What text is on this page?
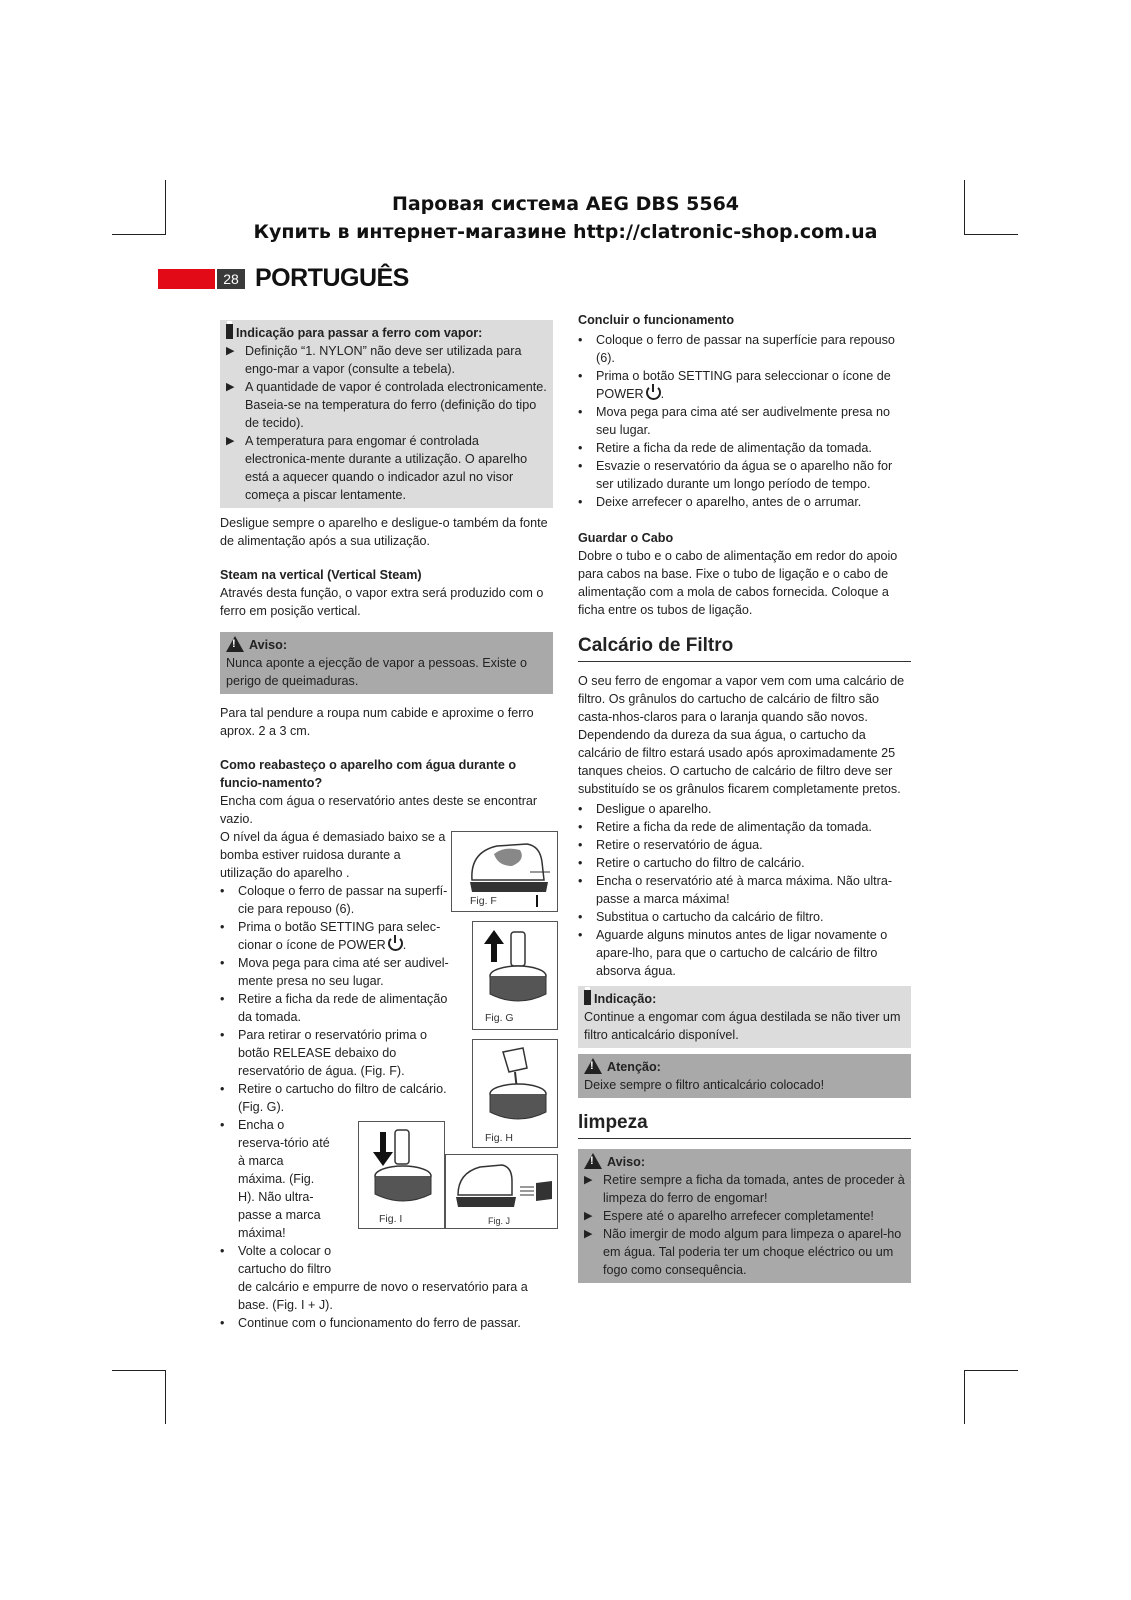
Паровая система AEG DBS 5564
Купить в интернет-магазине http://clatronic-shop.com.ua
28 PORTUGUÊS
Indicação para passar a ferro com vapor:
▶ Definição “1. NYLON” não deve ser utilizada para engo-mar a vapor (consulte a tebela).
▶ A quantidade de vapor é controlada electronicamente. Baseia-se na temperatura do ferro (definição do tipo de tecido).
▶ A temperatura para engomar é controlada electronica-mente durante a utilização. O aparelho está a aquecer quando o indicador azul no visor começa a piscar lentamente.

Desligue sempre o aparelho e desligue-o também da fonte de alimentação após a sua utilização.

Steam na vertical (Vertical Steam)

Através desta função, o vapor extra será produzido com o ferro em posição vertical.

!Aviso:
Nunca aponte a ejecção de vapor a pessoas. Existe o perigo de queimaduras.

Para tal pendure a roupa num cabide e aproxime o ferro aprox. 2 a 3 cm.

Como reabasteço o aparelho com água durante o funcio-namento?

Encha com água o reservatório antes deste se encontrar vazio.

O nível da água é demasiado baixo se a

bomba estiver ruidosa durante a

utilização do aparelho .

•	Coloque o ferro de passar na superfí-cie para repouso (6).
•	Prima o botão SETTING para selec-cionar o ícone de POWER .
•	Mova pega para cima até ser audivel-mente presa no seu lugar.
•	Retire a ficha da rede de alimentação da tomada.
•	Para retirar o reservatório prima o botão RELEASE debaixo do reservatório de água. (Fig. F).
•	Retire o cartucho do filtro de calcário. (Fig. G).
•	Encha o reserva-tório até à marca máxima. (Fig. H). Não ultra-passe a marca máxima!
•	Volte a colocar o cartucho do filtro
de calcário e empurre de novo o reservatório para a base. (Fig. I + J).
•	Continue com o funcionamento do ferro de passar.
Fig. F
Fig. G
Fig. H
Fig. I	Fig. J

Concluir o funcionamento

•	Coloque o ferro de passar na superfície para repouso (6).
•	Prima o botão SETTING para seleccionar o ícone de POWER .
•	Mova pega para cima até ser audivelmente presa no seu lugar.
•	Retire a ficha da rede de alimentação da tomada.
•	Esvazie o reservatório da água se o aparelho não for ser utilizado durante um longo período de tempo.
•	Deixe arrefecer o aparelho, antes de o arrumar.

Guardar o Cabo

Dobre o tubo e o cabo de alimentação em redor do apoio para cabos na base. Fixe o tubo de ligação e o cabo de alimentação com a mola de cabos fornecida. Coloque a ficha entre os tubos de ligação.

Calcário de Filtro

O seu ferro de engomar a vapor vem com uma calcário de filtro. Os grânulos do cartucho de calcário de filtro são casta-nhos-claros para o laranja quando são novos. Dependendo da dureza da sua água, o cartucho da calcário de filtro estará usado após aproximadamente 25 tanques cheios. O cartucho de calcário de filtro deve ser substituído se os grânulos ficarem completamente pretos.

•	Desligue o aparelho.
•	Retire a ficha da rede de alimentação da tomada.
•	Retire o reservatório de água.
•	Retire o cartucho do filtro de calcário.
•	Encha o reservatório até à marca máxima. Não ultra-passe a marca máxima!
•	Substitua o cartucho da calcário de filtro.
•	Aguarde alguns minutos antes de ligar novamente o apare-lho, para que o cartucho de calcário de filtro absorva água.
Indicação:
Continue a engomar com água destilada se não tiver um filtro anticalcário disponível.
!Atenção:
Deixe sempre o filtro anticalcário colocado!
limpeza
!Aviso:
▶ Retire sempre a ficha da tomada, antes de proceder à limpeza do ferro de engomar!
▶ Espere até o aparelho arrefecer completamente!
▶ Não imergir de modo algum para limpeza o aparel-ho em água. Tal poderia ter um choque eléctrico ou um fogo como consequência.
